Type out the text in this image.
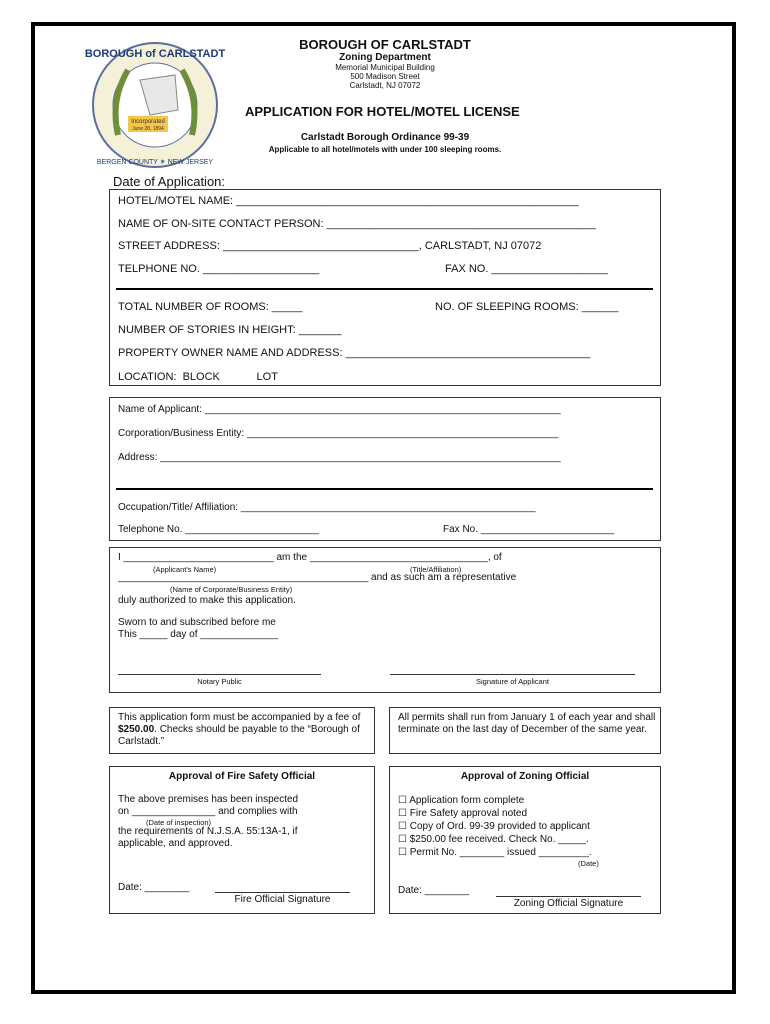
BOROUGH of CARLSTADT
BERGEN COUNTY ✶ NEW JERSEY
Incorporated
June 28, 1894
BOROUGH OF CARLSTADT
Zoning Department
Memorial Municipal Building
500 Madison Street
Carlstadt, NJ 07072
APPLICATION FOR HOTEL/MOTEL LICENSE
Carlstadt Borough Ordinance 99-39
Applicable to all hotel/motels with under 100 sleeping rooms.
Date of Application:
HOTEL/MOTEL NAME: ________________________________________________________
NAME OF ON-SITE CONTACT PERSON: ____________________________________________
STREET ADDRESS: ________________________________, CARLSTADT, NJ 07072
TELPHONE NO. ___________________	FAX NO. ___________________
TOTAL NUMBER OF ROOMS: _____	NO. OF SLEEPING ROOMS: ______
NUMBER OF STORIES IN HEIGHT: _______
PROPERTY OWNER NAME AND ADDRESS: ________________________________________
LOCATION:  BLOCK            LOT
Name of Applicant: ________________________________________________________________
Corporation/Business Entity: ________________________________________________________
Address: ________________________________________________________________________
Occupation/Title/ Affiliation: _____________________________________________________
Telephone No. ________________________	Fax No. ________________________
I ___________________________ am the ________________________________, of
(Applicant's Name)	(Title/Affiliation)
_____________________________________________ and as such am a representative
(Name of Corporate/Business Entity)
duly authorized to make this application.
Sworn to and subscribed before me
This _____ day of ______________
Notary Public	Signature of Applicant
This application form must be accompanied by a fee of $250.00. Checks should be payable to the “Borough of Carlstadt.”
All permits shall run from January 1 of each year and shall terminate on the last day of December of the same year.
Approval of Fire Safety Official
The above premises has been inspected
on _______________ and complies with
(Date of inspection)
the requirements of N.J.S.A. 55:13A-1, if
applicable, and approved.
Date: ________
Fire Official Signature
Approval of Zoning Official
☐ Application form complete
☐ Fire Safety approval noted
☐ Copy of Ord. 99-39 provided to applicant
☐ $250.00 fee received. Check No. _____.
☐ Permit No. ________ issued _________.
(Date)
Date: ________
Zoning Official Signature
